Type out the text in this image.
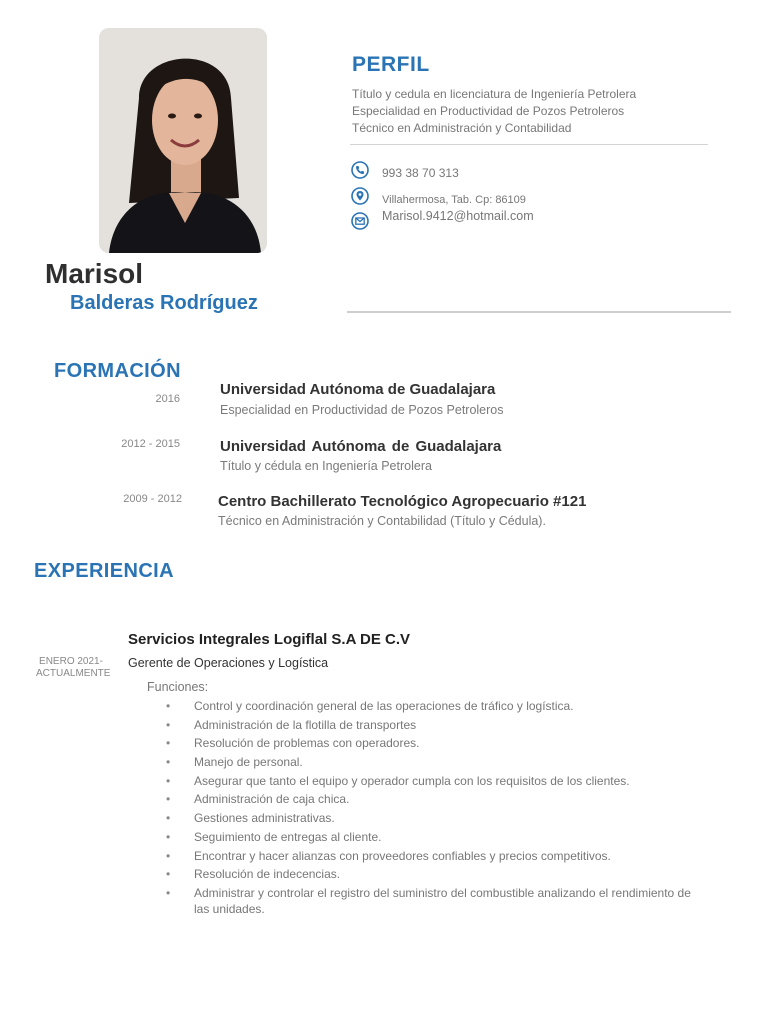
Marisol
Balderas Rodríguez
PERFIL
Título y cedula en licenciatura de Ingeniería Petrolera
Especialidad en Productividad de Pozos Petroleros
Técnico en Administración y Contabilidad
993 38 70 313
Villahermosa, Tab. Cp: 86109
Marisol.9412@hotmail.com
FORMACIÓN
2016
Universidad Autónoma de Guadalajara
Especialidad en Productividad de Pozos Petroleros
2012 - 2015	Universidad Autónoma de Guadalajara
Título y cédula en Ingeniería Petrolera
2009 - 2012 Centro Bachillerato Tecnológico Agropecuario #121
Técnico en Administración y Contabilidad (Título y Cédula).
EXPERIENCIA
ENERO 2021-
ACTUALMENTE
Servicios Integrales Logiflal S.A DE C.V
Gerente de Operaciones y Logística
Funciones:
• Control y coordinación general de las operaciones de tráfico y logística.
• Administración de la flotilla de transportes
• Resolución de problemas con operadores.
• Manejo de personal.
• Asegurar que tanto el equipo y operador cumpla con los requisitos de los clientes.
• Administración de caja chica.
• Gestiones administrativas.
• Seguimiento de entregas al cliente.
• Encontrar y hacer alianzas con proveedores confiables y precios competitivos.
• Resolución de indecencias.
• Administrar y controlar el registro del suministro del combustible analizando el rendimiento de las unidades.
